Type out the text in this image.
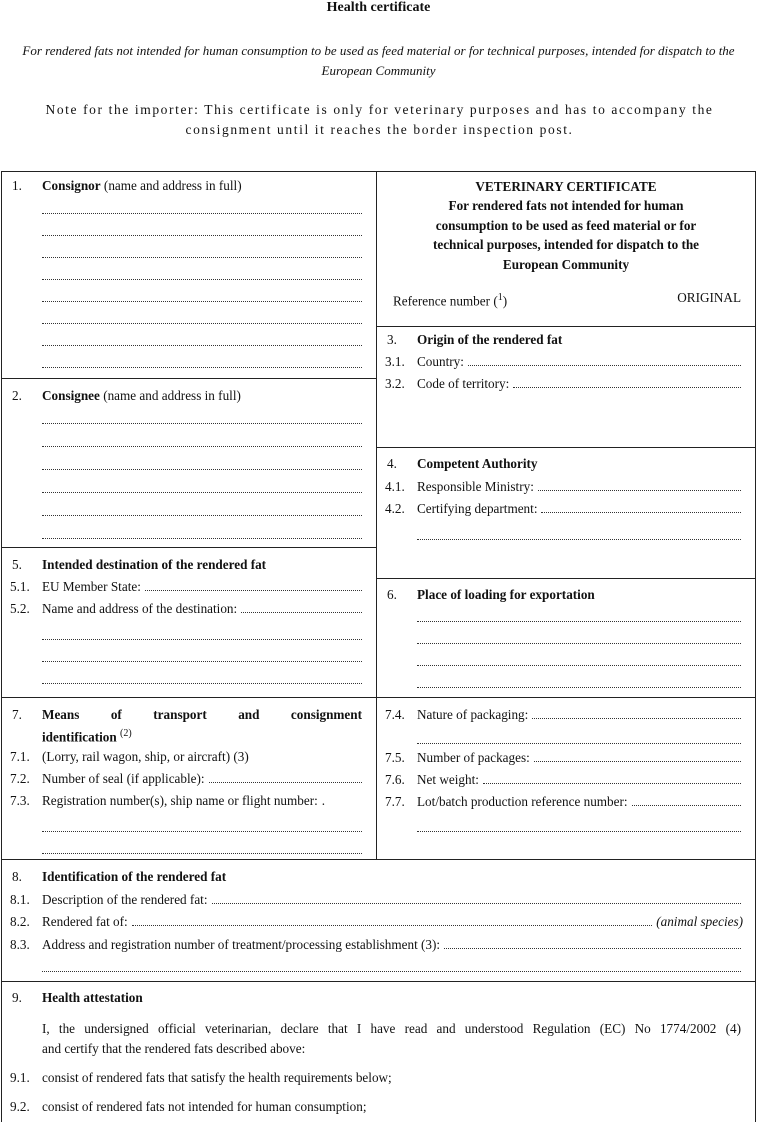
Health certificate
For rendered fats not intended for human consumption to be used as feed material or for technical purposes, intended for dispatch to the European Community
Note for the importer: This certificate is only for veterinary purposes and has to accompany the consignment until it reaches the border inspection post.
1. Consignor (name and address in full)
2. Consignee (name and address in full)
5. Intended destination of the rendered fat
5.1. EU Member State:
5.2. Name and address of the destination:
VETERINARY CERTIFICATE
For rendered fats not intended for human
consumption to be used as feed material or for
technical purposes, intended for dispatch to the
European Community
Reference number ($^1$)	ORIGINAL
3. Origin of the rendered fat
3.1. Country:
3.2. Code of territory:
4. Competent Authority
4.1. Responsible Ministry:
4.2. Certifying department:
6. Place of loading for exportation
7. Means of transport and consignment
identification $^{(2)}$
7.1. (Lorry, rail wagon, ship, or aircraft) (3)
7.2. Number of seal (if applicable):
7.3. Registration number(s), ship name or flight number: .
7.4. Nature of packaging:
7.5. Number of packages:
7.6. Net weight:
7.7. Lot/batch production reference number:
8. Identification of the rendered fat
8.1. Description of the rendered fat:
8.2. Rendered fat of:	(animal species)
8.3. Address and registration number of treatment/processing establishment (3):
9. Health attestation
I, the undersigned official veterinarian, declare that I have read and understood Regulation (EC) No 1774/2002 (4)
and certify that the rendered fats described above:
9.1. consist of rendered fats that satisfy the health requirements below;
9.2. consist of rendered fats not intended for human consumption;
